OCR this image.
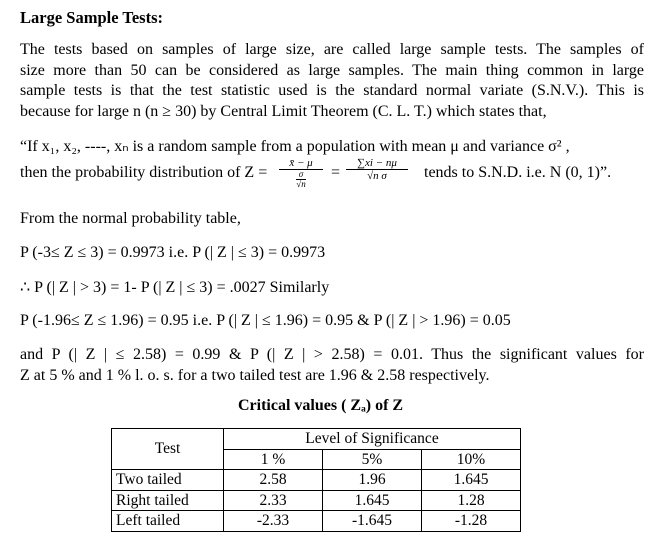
Large Sample Tests:
The tests based on samples of large size, are called large sample tests. The samples of
size more than 50 can be considered as large samples. The main thing common in large
sample tests is that the test statistic used is the standard normal variate (S.N.V.). This is
because for large n (n ≥ 30) by Central Limit Theorem (C. L. T.) which states that,
“If x₁, x₂, ----, xₙ is a random sample from a population with mean μ and variance σ² ,
then the probability distribution of $Z = \frac{x̄ - \mu}{\frac{\sigma}{√n}} = \frac{\sum xi - n\mu}{\text{√n σ}}$ tends to S.N.D. i.e. N (0, 1)”.
From the normal probability table,
P (-3≤ Z ≤ 3) = 0.9973 i.e. P (| Z | ≤ 3) = 0.9973
∴ P (| Z | > 3) = 1- P (| Z | ≤ 3) = .0027 Similarly
P (-1.96≤ Z ≤ 1.96) = 0.95 i.e. P (| Z | ≤ 1.96) = 0.95 & P (| Z | > 1.96) = 0.05
and P (| Z | ≤ 2.58) = 0.99 & P (| Z | > 2.58) = 0.01. Thus the significant values for
Z at 5 % and 1 % l. o. s. for a two tailed test are 1.96 & 2.58 respectively.
Critical values ( Zₐ) of Z
Test	Level of Significance		
	1 %	5%	10%
Two tailed	2.58	1.96	1.645
Right tailed	2.33	1.645	1.28
Left tailed	-2.33	-1.645	-1.28
